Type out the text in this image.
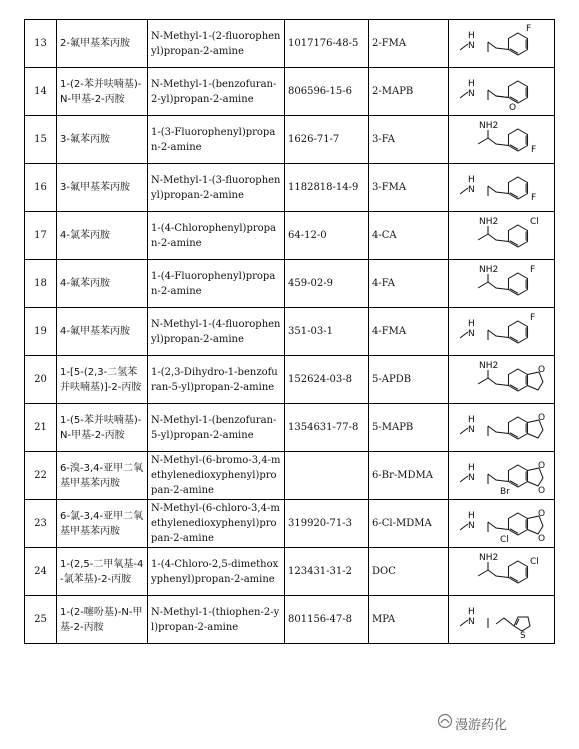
13	2-氟甲基苯丙胺	N-Methyl-1-(2-fluorophenyl)propan-2-amine	1017176-48-5	2-FMA	F
N
H

14	1-(2-苯并呋喃基)-N-甲基-2-丙胺	N-Methyl-1-(benzofuran-2-yl)propan-2-amine	806596-15-6	2-MAPB	O
N
H

15	3-氟苯丙胺	1-(3-Fluorophenyl)propan-2-amine	1626-71-7	3-FA	F
NH2

16	3-氟甲基苯丙胺	N-Methyl-1-(3-fluorophenyl)propan-2-amine	1182818-14-9	3-FMA	F
N
H

17	4-氯苯丙胺	1-(4-Chlorophenyl)propan-2-amine	64-12-0	4-CA	Cl
NH2

18	4-氟苯丙胺	1-(4-Fluorophenyl)propan-2-amine	459-02-9	4-FA	F
NH2

19	4-氟甲基苯丙胺	N-Methyl-1-(4-fluorophenyl)propan-2-amine	351-03-1	4-FMA	F
N
H

20	1-[5-(2,3-二氢苯并呋喃基)]-2-丙胺	1-(2,3-Dihydro-1-benzofuran-5-yl)propan-2-amine	152624-03-8	5-APDB	O
NH2

21	1-(5-苯并呋喃基)-N-甲基-2-丙胺	N-Methyl-1-(benzofuran-5-yl)propan-2-amine	1354631-77-8	5-MAPB	O
N
H

22	6-溴-3,4-亚甲二氧基甲基苯丙胺	N-Methyl-(6-bromo-3,4-methylenedioxyphenyl)propan-2-amine		6-Br-MDMA	O
O
Br
N
H

23	6-氯-3,4-亚甲二氧基甲基苯丙胺	N-Methyl-(6-chloro-3,4-methylenedioxyphenyl)propan-2-amine	319920-71-3	6-Cl-MDMA	O
O
Cl
N
H

24	1-(2,5-二甲氧基-4-氯苯基)-2-丙胺	1-(4-Chloro-2,5-dimethoxyphenyl)propan-2-amine	123431-31-2	DOC	Cl
NH2

25	1-(2-噻吩基)-N-甲基-2-丙胺	N-Methyl-1-(thiophen-2-yl)propan-2-amine	801156-47-8	MPA	S
N
H
漫游药化
